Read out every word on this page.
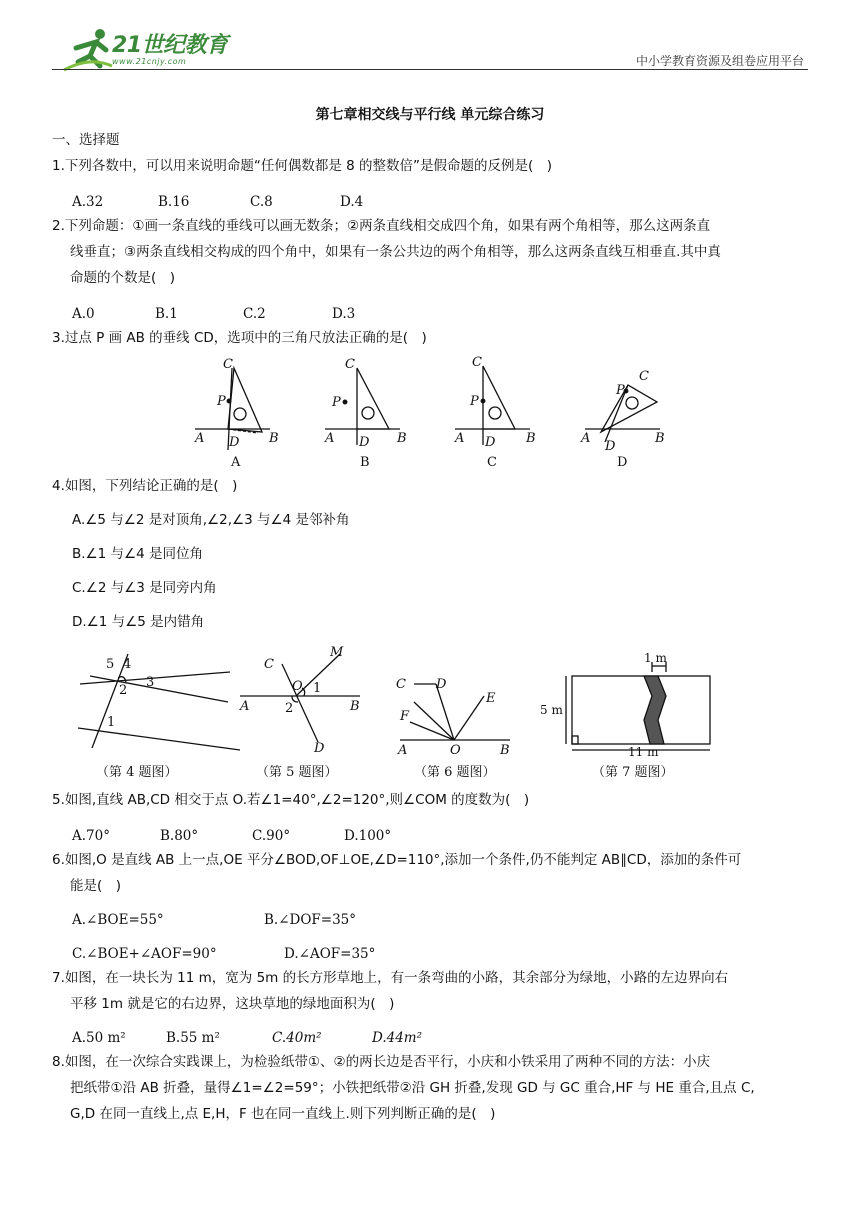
21世纪教育
www.21cnjy.com	中小学教育资源及组卷应用平台
第七章相交线与平行线 单元综合练习
一、选择题
1.下列各数中，可以用来说明命题“任何偶数都是 8 的整数倍”是假命题的反例是(　)
A.32	B.16	C.8	D.4
2.下列命题：①画一条直线的垂线可以画无数条；②两条直线相交成四个角，如果有两个角相等，那么这两条直
线垂直；③两条直线相交构成的四个角中，如果有一条公共边的两个角相等，那么这两条直线互相垂直.其中真
命题的个数是(　)
A.0	B.1	C.2	D.3
3.过点 P 画 AB 的垂线 CD，选项中的三角尺放法正确的是(　)
C
P
A	B
D
A
C
P
A	B
D
B
C
P
A	B
D
C
C
P
A	B
D
D
4.如图，下列结论正确的是(　)
A.∠5 与∠2 是对顶角,∠2,∠3 与∠4 是邻补角
B.∠1 与∠4 是同位角
C.∠2 与∠3 是同旁内角
D.∠1 与∠5 是内错角
5 4
2
3
1
（第 4 题图）
C
M
O 1
2
A	B
D
（第 5 题图）
C D
E
F
A	O	B
（第 6 题图）
1 m
5 m
11 m
（第 7 题图）
5.如图,直线 AB,CD 相交于点 O.若∠1=40°,∠2=120°,则∠COM 的度数为(　)
A.70°	B.80°	C.90°	D.100°
6.如图,O 是直线 AB 上一点,OE 平分∠BOD,OF⊥OE,∠D=110°,添加一个条件,仍不能判定 AB∥CD，添加的条件可
能是(　)
A.∠BOE=55°	B.∠DOF=35°
C.∠BOE+∠AOF=90°	D.∠AOF=35°
7.如图，在一块长为 11 m，宽为 5m 的长方形草地上，有一条弯曲的小路，其余部分为绿地，小路的左边界向右
平移 1m 就是它的右边界，这块草地的绿地面积为(　)
A.50 m²	B.55 m²	C.40m²	D.44m²
8.如图，在一次综合实践课上，为检验纸带①、②的两长边是否平行，小庆和小铁采用了两种不同的方法：小庆
把纸带①沿 AB 折叠，量得∠1=∠2=59°；小铁把纸带②沿 GH 折叠,发现 GD 与 GC 重合,HF 与 HE 重合,且点 C,
G,D 在同一直线上,点 E,H，F 也在同一直线上.则下列判断正确的是(　)
